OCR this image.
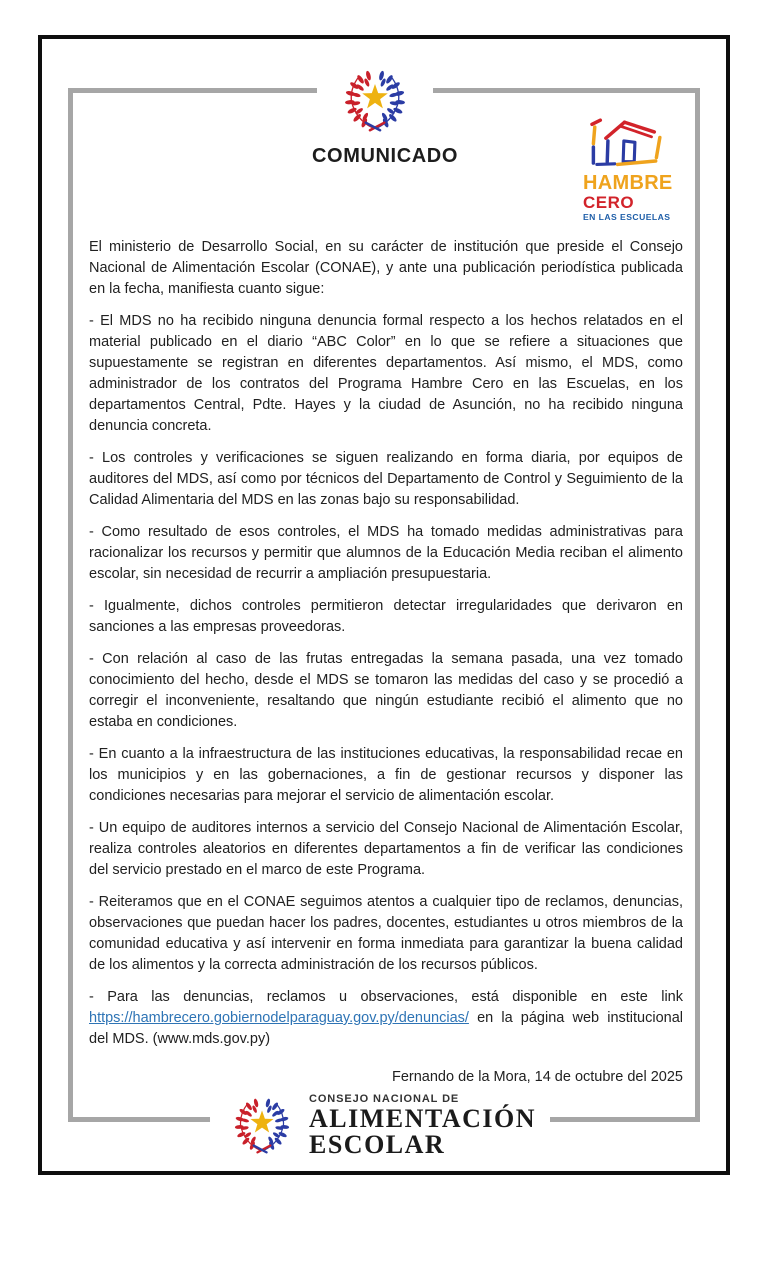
COMUNICADO
HAMBRE
CERO
EN LAS ESCUELAS

El ministerio de Desarrollo Social, en su carácter de institución que preside el Consejo Nacional de Alimentación Escolar (CONAE), y ante una publicación periodística publicada en la fecha, manifiesta cuanto sigue:

- El MDS no ha recibido ninguna denuncia formal respecto a los hechos relatados en el material publicado en el diario “ABC Color” en lo que se refiere a situaciones que supuestamente se registran en diferentes departamentos. Así mismo, el MDS, como administrador de los contratos del Programa Hambre Cero en las Escuelas, en los departamentos Central, Pdte. Hayes y la ciudad de Asunción, no ha recibido ninguna denuncia concreta.

- Los controles y verificaciones se siguen realizando en forma diaria, por equipos de auditores del MDS, así como por técnicos del Departamento de Control y Seguimiento de la Calidad Alimentaria del MDS en las zonas bajo su responsabilidad.

- Como resultado de esos controles, el MDS ha tomado medidas administrativas para racionalizar los recursos y permitir que alumnos de la Educación Media reciban el alimento escolar, sin necesidad de recurrir a ampliación presupuestaria.

- Igualmente, dichos controles permitieron detectar irregularidades que derivaron en sanciones a las empresas proveedoras.

- Con relación al caso de las frutas entregadas la semana pasada, una vez tomado conocimiento del hecho, desde el MDS se tomaron las medidas del caso y se procedió a corregir el inconveniente, resaltando que ningún estudiante recibió el alimento que no estaba en condiciones.

- En cuanto a la infraestructura de las instituciones educativas, la responsabilidad recae en los municipios y en las gobernaciones, a fin de gestionar recursos y disponer las condiciones necesarias para mejorar el servicio de alimentación escolar.

- Un equipo de auditores internos a servicio del Consejo Nacional de Alimentación Escolar, realiza controles aleatorios en diferentes departamentos a fin de verificar las condiciones del servicio prestado en el marco de este Programa.

- Reiteramos que en el CONAE seguimos atentos a cualquier tipo de reclamos, denuncias, observaciones que puedan hacer los padres, docentes, estudiantes u otros miembros de la comunidad educativa y así intervenir en forma inmediata para garantizar la buena calidad de los alimentos y la correcta administración de los recursos públicos.

- Para las denuncias, reclamos u observaciones, está disponible en este link https://hambrecero.gobiernodelparaguay.gov.py/denuncias/ en la página web institucional del MDS. (www.mds.gov.py)

Fernando de la Mora, 14 de octubre del 2025
CONSEJO NACIONAL DE
ALIMENTACIÓN
ESCOLAR
